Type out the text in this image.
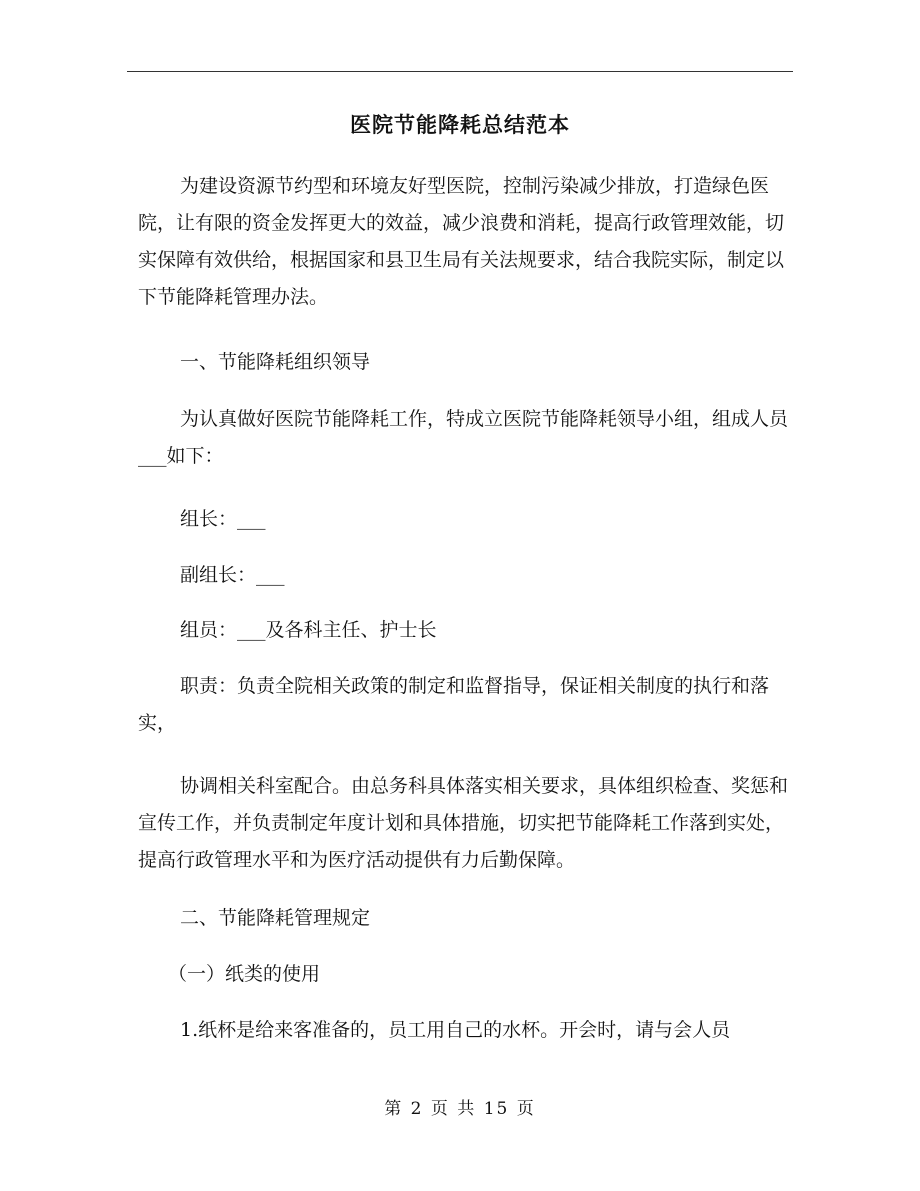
医院节能降耗总结范本

为建设资源节约型和环境友好型医院，控制污染减少排放，打造绿色医院，让有限的资金发挥更大的效益，减少浪费和消耗，提高行政管理效能，切实保障有效供给，根据国家和县卫生局有关法规要求，结合我院实际，制定以下节能降耗管理办法。

一、节能降耗组织领导

为认真做好医院节能降耗工作，特成立医院节能降耗领导小组，组成人员___如下：

组长：___

副组长：___

组员：___及各科主任、护士长

职责：负责全院相关政策的制定和监督指导，保证相关制度的执行和落实，

协调相关科室配合。由总务科具体落实相关要求，具体组织检查、奖惩和宣传工作，并负责制定年度计划和具体措施，切实把节能降耗工作落到实处，提高行政管理水平和为医疗活动提供有力后勤保障。

二、节能降耗管理规定

（一）纸类的使用

1.纸杯是给来客准备的，员工用自己的水杯。开会时，请与会人员

第 2 页 共 15 页
